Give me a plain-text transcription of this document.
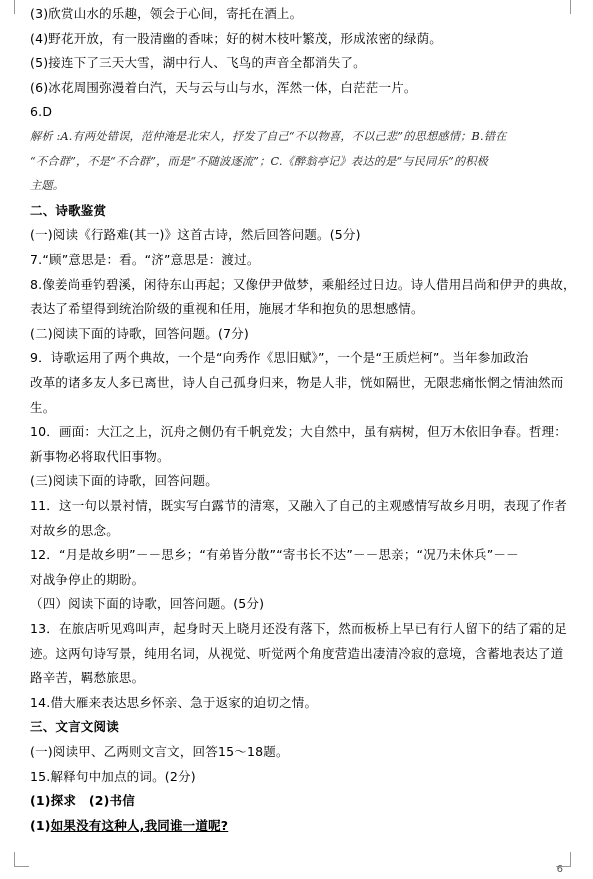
(3)欣赏山水的乐趣，领会于心间，寄托在酒上。
(4)野花开放，有一股清幽的香味；好的树木枝叶繁茂，形成浓密的绿荫。
(5)接连下了三天大雪，湖中行人、飞鸟的声音全都消失了。
(6)冰花周围弥漫着白汽，天与云与山与水，浑然一体，白茫茫一片。
6.D
解析 :A.有两处错误，范仲淹是北宋人，抒发了自己“不以物喜，不以己悲”的思想感情；B.错在
“不合群”，不是“不合群”，而是“不随波逐流”；C.《醉翁亭记》表达的是“与民同乐”的积极
主题。
二、诗歌鉴赏
(一)阅读《行路难(其一)》这首古诗，然后回答问题。(5分)
7.“顾”意思是：看。“济”意思是：渡过。
8.像姜尚垂钓碧溪，闲待东山再起；又像伊尹做梦，乘船经过日边。诗人借用吕尚和伊尹的典故，
表达了希望得到统治阶级的重视和任用，施展才华和抱负的思想感情。
(二)阅读下面的诗歌，回答问题。(7分)
9．诗歌运用了两个典故，一个是“向秀作《思旧赋》”，一个是“王质烂柯”。当年参加政治
改革的诸多友人多已离世，诗人自己孤身归来，物是人非，恍如隔世，无限悲痛怅惘之情油然而
生。
10．画面：大江之上，沉舟之侧仍有千帆竞发；大自然中，虽有病树，但万木依旧争春。哲理：
新事物必将取代旧事物。
(三)阅读下面的诗歌，回答问题。
11．这一句以景衬情，既实写白露节的清寒，又融入了自己的主观感情写故乡月明，表现了作者
对故乡的思念。
12．“月是故乡明”－－思乡；“有弟皆分散”“寄书长不达”－－思亲；“况乃未休兵”－－
对战争停止的期盼。
（四）阅读下面的诗歌，回答问题。(5分)
13．在旅店听见鸡叫声，起身时天上晓月还没有落下，然而板桥上早已有行人留下的结了霜的足
迹。这两句诗写景，纯用名词，从视觉、听觉两个角度营造出凄清冷寂的意境，含蓄地表达了道
路辛苦，羁愁旅思。
14.借大雁来表达思乡怀亲、急于返家的迫切之情。
三、文言文阅读
(一)阅读甲、乙两则文言文，回答15～18题。
15.解释句中加点的词。(2分)
(1)探求　(2)书信
(1)如果没有这种人,我同谁一道呢?
6
